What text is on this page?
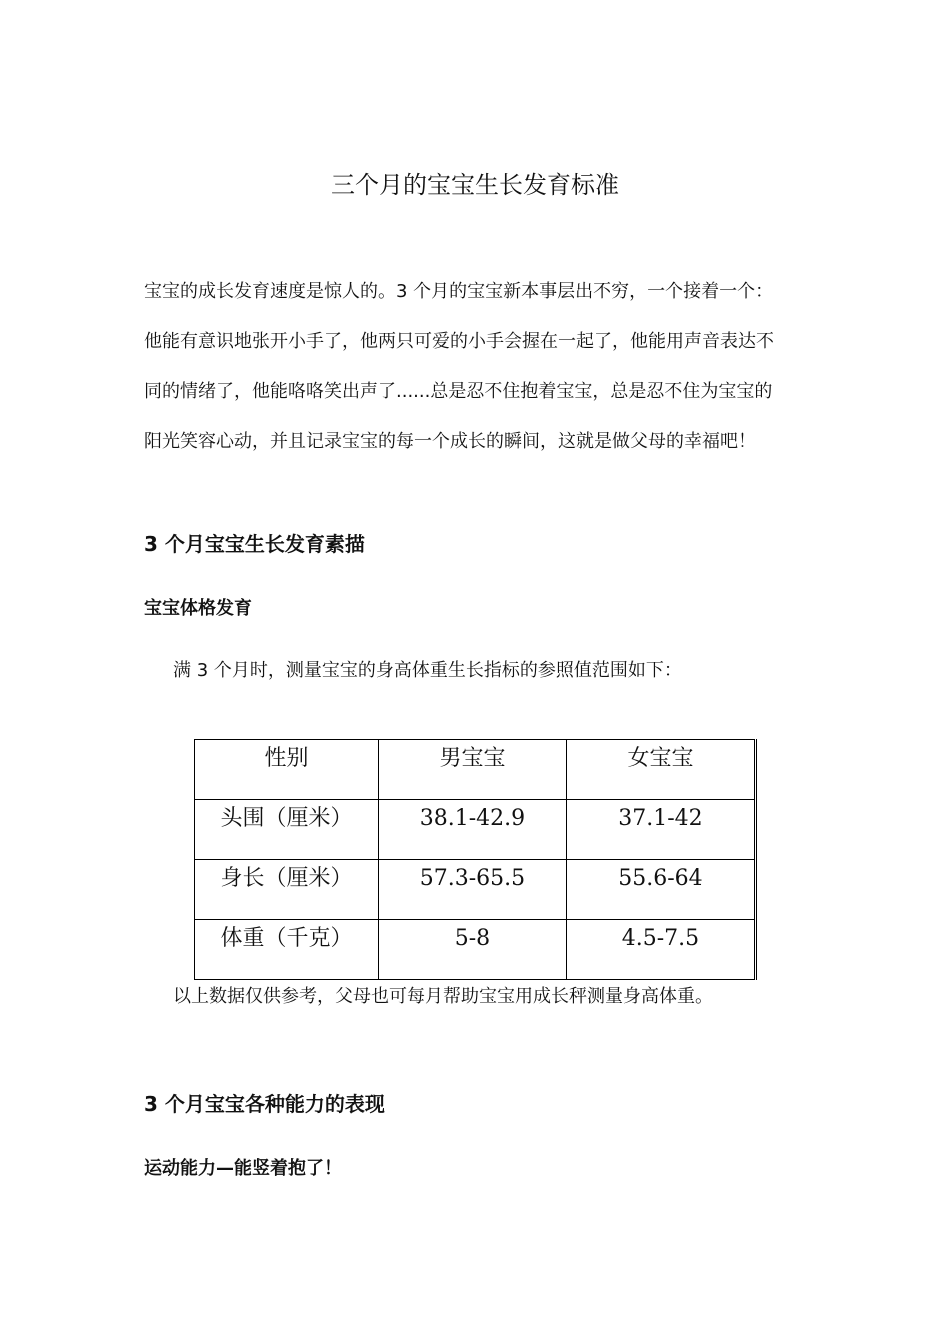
三个月的宝宝生长发育标准
宝宝的成长发育速度是惊人的。3 个月的宝宝新本事层出不穷，一个接着一个：
他能有意识地张开小手了，他两只可爱的小手会握在一起了，他能用声音表达不
同的情绪了，他能咯咯笑出声了......总是忍不住抱着宝宝，总是忍不住为宝宝的
阳光笑容心动，并且记录宝宝的每一个成长的瞬间，这就是做父母的幸福吧！
3 个月宝宝生长发育素描
宝宝体格发育
满 3 个月时，测量宝宝的身高体重生长指标的参照值范围如下：
性别	男宝宝	女宝宝
头围（厘米）	38.1-42.9	37.1-42
身长（厘米）	57.3-65.5	55.6-64
体重（千克）	5-8	4.5-7.5
以上数据仅供参考，父母也可每月帮助宝宝用成长秤测量身高体重。
3 个月宝宝各种能力的表现
运动能力—能竖着抱了！
